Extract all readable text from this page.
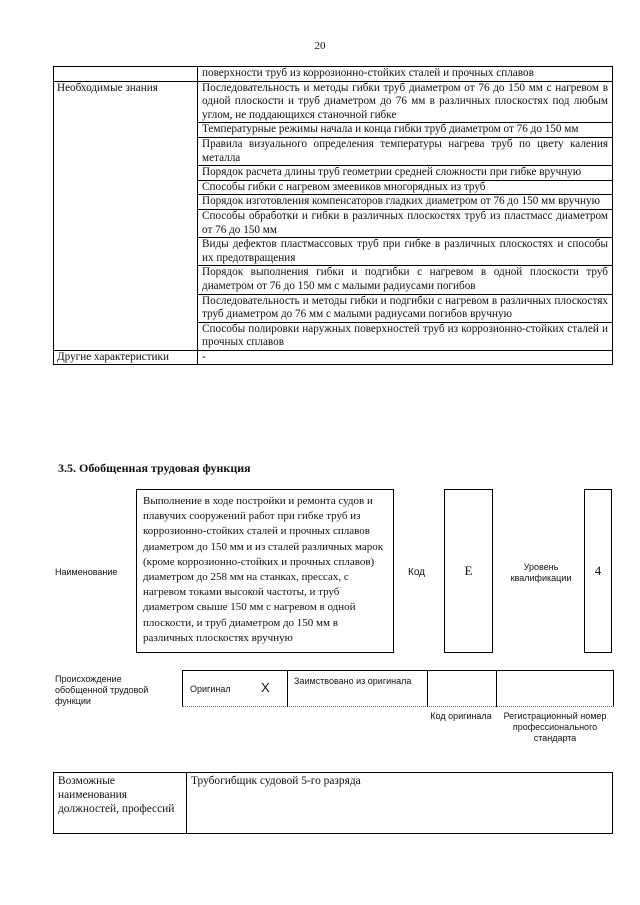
20
	поверхности труб из коррозионно-стойких сталей и прочных сплавов
Необходимые знания	Последовательность и методы гибки труб диаметром от 76 до 150 мм с нагревом в одной плоскости и труб диаметром до 76 мм в различных плоскостях под любым углом, не поддающихся станочной гибке
	Температурные режимы начала и конца гибки труб диаметром от 76 до 150 мм
	Правила визуального определения температуры нагрева труб по цвету каления металла
	Порядок расчета длины труб геометрии средней сложности при гибке вручную
	Способы гибки с нагревом змеевиков многорядных из труб
	Порядок изготовления компенсаторов гладких диаметром от 76 до 150 мм вручную
	Способы обработки и гибки в различных плоскостях труб из пластмасс диаметром от 76 до 150 мм
	Виды дефектов пластмассовых труб при гибке в различных плоскостях и способы их предотвращения
	Порядок выполнения гибки и подгибки с нагревом в одной плоскости труб диаметром от 76 до 150 мм с малыми радиусами погибов
	Последовательность и методы гибки и подгибки с нагревом в различных плоскостях труб диаметром до 76 мм с малыми радиусами погибов вручную
	Способы полировки наружных поверхностей труб из коррозионно-стойких сталей и прочных сплавов
Другие характеристики	-
3.5. Обобщенная трудовая функция
Наименование
Выполнение в ходе постройки и ремонта судов и плавучих сооружений работ при гибке труб из коррозионно-стойких сталей и прочных сплавов диаметром до 150 мм и из сталей различных марок (кроме коррозионно-стойких и прочных сплавов) диаметром до 258 мм на станках, прессах, с нагревом токами высокой частоты, и труб диаметром свыше 150 мм с нагревом в одной плоскости, и труб диаметром до 150 мм в различных плоскостях вручную
Код	E	Уровень квалификации	4
Происхождение обобщенной трудовой функции
Оригинал X	Заимствовано из оригинала
Код оригинала	Регистрационный номер профессионального стандарта
Возможные наименования должностей, профессий	Трубогибщик судовой 5-го разряда
